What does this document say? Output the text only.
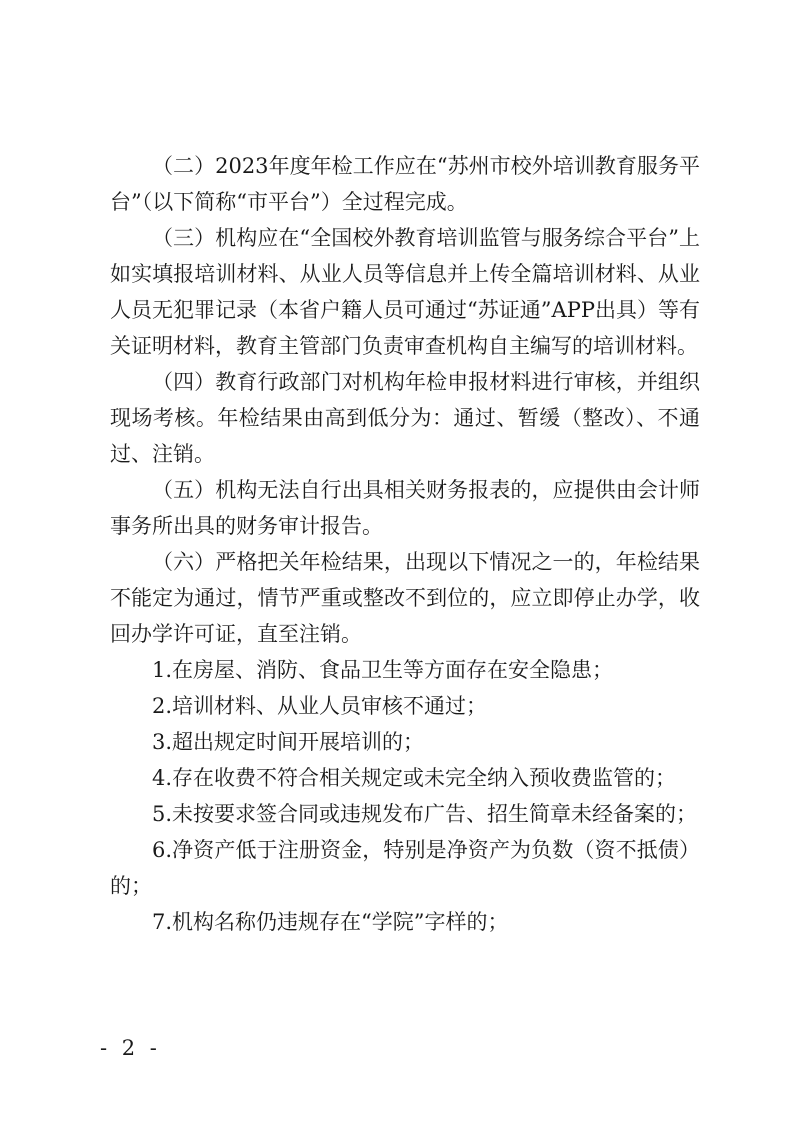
（二）2023年度年检工作应在“苏州市校外培训教育服务平台”（以下简称“市平台”）全过程完成。

（三）机构应在“全国校外教育培训监管与服务综合平台”上如实填报培训材料、从业人员等信息并上传全篇培训材料、从业人员无犯罪记录（本省户籍人员可通过“苏证通”APP出具）等有关证明材料，教育主管部门负责审查机构自主编写的培训材料。

（四）教育行政部门对机构年检申报材料进行审核，并组织现场考核。年检结果由高到低分为：通过、暂缓（整改）、不通过、注销。

（五）机构无法自行出具相关财务报表的，应提供由会计师事务所出具的财务审计报告。

（六）严格把关年检结果，出现以下情况之一的，年检结果不能定为通过，情节严重或整改不到位的，应立即停止办学，收回办学许可证，直至注销。

1.在房屋、消防、食品卫生等方面存在安全隐患；

2.培训材料、从业人员审核不通过；

3.超出规定时间开展培训的；

4.存在收费不符合相关规定或未完全纳入预收费监管的；

5.未按要求签合同或违规发布广告、招生简章未经备案的；

6.净资产低于注册资金，特别是净资产为负数（资不抵债）的；

7.机构名称仍违规存在“学院”字样的；

- 2 -
